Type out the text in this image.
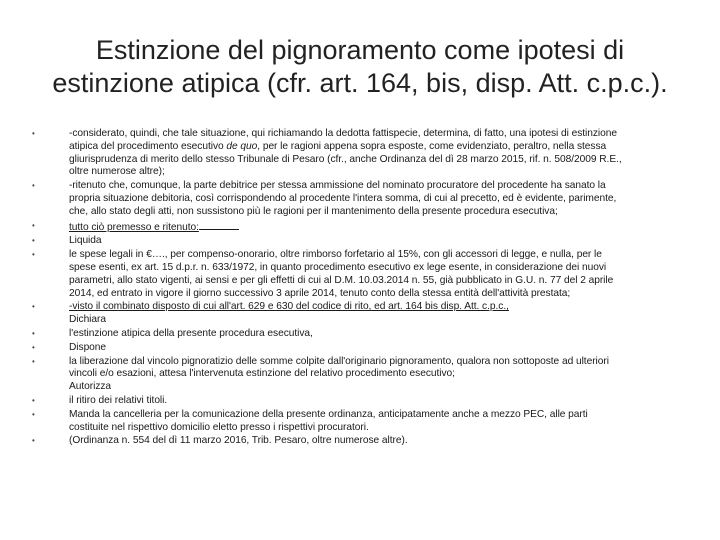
Estinzione del pignoramento come ipotesi di
estinzione atipica (cfr. art. 164, bis, disp. Att. c.p.c.).
•	-considerato, quindi, che tale situazione, qui richiamando la dedotta fattispecie, determina, di fatto, una ipotesi di estinzione
atipica del procedimento esecutivo de quo, per le ragioni appena sopra esposte, come evidenziato, peraltro, nella stessa
gliurisprudenza di merito dello stesso Tribunale di Pesaro (cfr., anche Ordinanza del dì 28 marzo 2015, rif. n. 508/2009 R.E.,
oltre numerose altre);
•	-ritenuto che, comunque, la parte debitrice per stessa ammissione del nominato procuratore del procedente ha sanato la
propria situazione debitoria, così corrispondendo al procedente l'intera somma, di cui al precetto, ed è evidente, parimente,
che, allo stato degli atti, non sussistono più le ragioni per il mantenimento della presente procedura esecutiva;
•	tutto ciò premesso e ritenuto:
•	Liquida
•	le spese legali in €…., per compenso-onorario, oltre rimborso forfetario al 15%, con gli accessori di legge, e nulla, per le
spese esenti, ex art. 15 d.p.r. n. 633/1972, in quanto procedimento esecutivo ex lege esente, in considerazione dei nuovi
parametri, allo stato vigenti, ai sensi e per gli effetti di cui al D.M. 10.03.2014 n. 55, già pubblicato in G.U. n. 77 del 2 aprile
2014, ed entrato in vigore il giorno successivo 3 aprile 2014, tenuto conto della stessa entità dell'attività prestata;
•	-visto il combinato disposto di cui all'art. 629 e 630 del codice di rito, ed art. 164 bis disp. Att. c.p.c.,
Dichiara
•	l'estinzione atipica della presente procedura esecutiva,
•	Dispone
•	la liberazione dal vincolo pignoratizio delle somme colpite dall'originario pignoramento, qualora non sottoposte ad ulteriori
vincoli e/o esazioni, attesa l'intervenuta estinzione del relativo procedimento esecutivo;
Autorizza
•	il ritiro dei relativi titoli.
•	Manda la cancelleria per la comunicazione della presente ordinanza, anticipatamente anche a mezzo PEC, alle parti
costituite nel rispettivo domicilio eletto presso i rispettivi procuratori.
•	(Ordinanza n. 554 del dì 11 marzo 2016, Trib. Pesaro, oltre numerose altre).
